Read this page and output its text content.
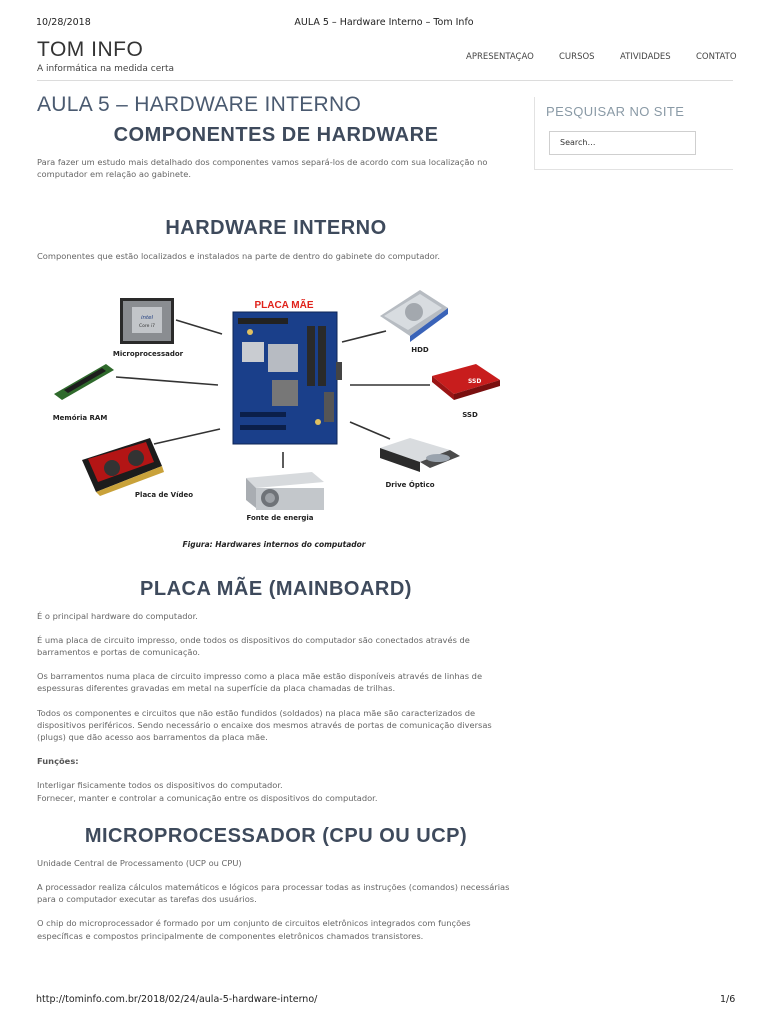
10/28/2018	AULA 5 – Hardware Interno – Tom Info
TOM INFO
A informática na medida certa
APRESENTAÇÃO	CURSOS	ATIVIDADES	CONTATO
PESQUISAR NO SITE
Search…
AULA 5 – HARDWARE INTERNO
COMPONENTES DE HARDWARE

Para fazer um estudo mais detalhado dos componentes vamos separá-los de acordo com sua localização no
computador em relação ao gabinete.

HARDWARE INTERNO

Componentes que estão localizados e instalados na parte de dentro do gabinete do computador.

PLACA MÃE (MAINBOARD)

É o principal hardware do computador.

É uma placa de circuito impresso, onde todos os dispositivos do computador são conectados através de
barramentos e portas de comunicação.

Os barramentos numa placa de circuito impresso como a placa mãe estão disponíveis através de linhas de
espessuras diferentes gravadas em metal na superfície da placa chamadas de trilhas.

Todos os componentes e circuitos que não estão fundidos (soldados) na placa mãe são caracterizados de
dispositivos periféricos. Sendo necessário o encaixe dos mesmos através de portas de comunicação diversas
(plugs) que dão acesso aos barramentos da placa mãe.

Funções:

Interligar fisicamente todos os dispositivos do computador.
Fornecer, manter e controlar a comunicação entre os dispositivos do computador.

MICROPROCESSADOR (CPU OU UCP)

Unidade Central de Processamento (UCP ou CPU)

A processador realiza cálculos matemáticos e lógicos para processar todas as instruções (comandos) necessárias
para o computador executar as tarefas dos usuários.

O chip do microprocessador é formado por um conjunto de circuitos eletrônicos integrados com funções
específicas e compostos principalmente de componentes eletrônicos chamados transistores.

PLACA MÃE
intel
Core i7
Microprocessador
Memória RAM
Placa de Vídeo
Fonte de energia
HDD
SSD
SSD
Drive Óptico
Figura: Hardwares internos do computador
http://tominfo.com.br/2018/02/24/aula-5-hardware-interno/	1/6
